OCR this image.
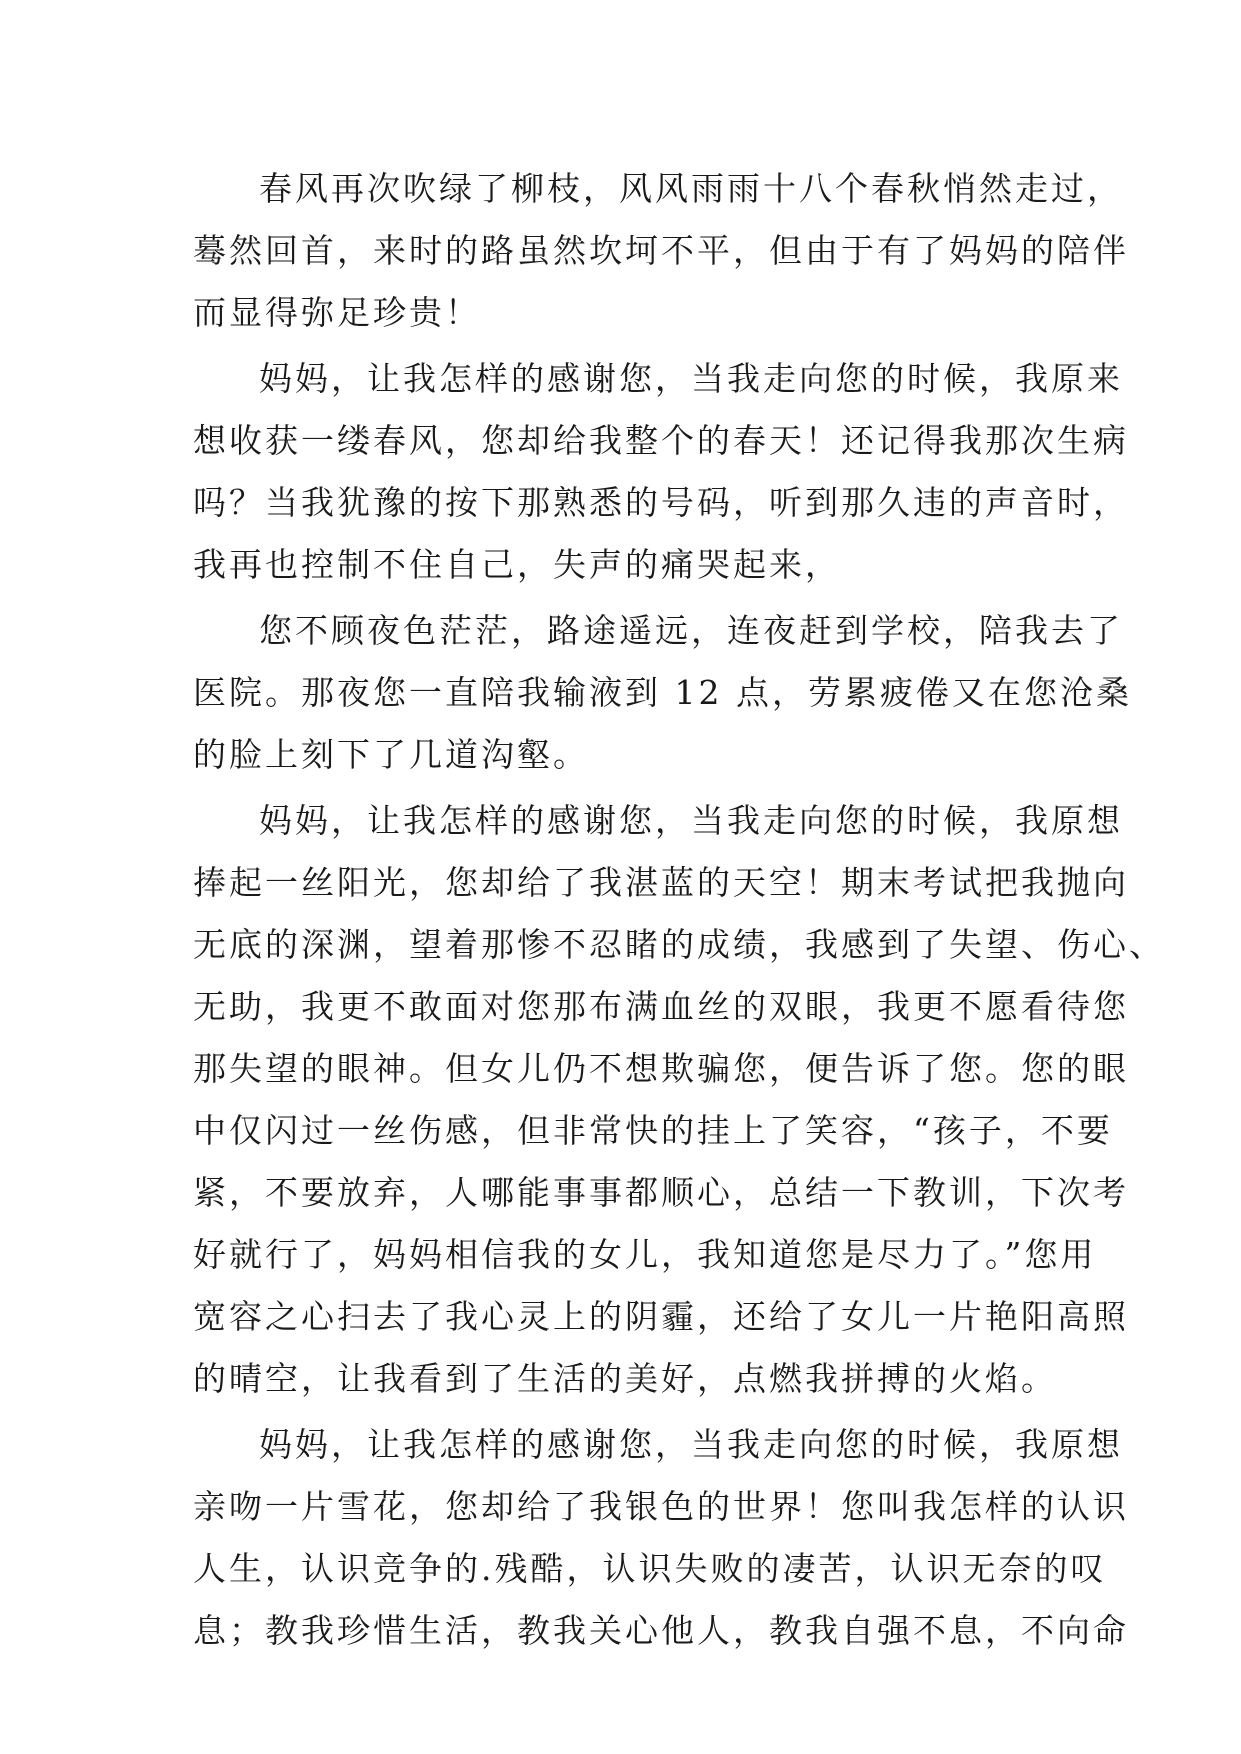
春风再次吹绿了柳枝，风风雨雨十八个春秋悄然走过，
蓦然回首，来时的路虽然坎坷不平，但由于有了妈妈的陪伴
而显得弥足珍贵！
妈妈，让我怎样的感谢您，当我走向您的时候，我原来
想收获一缕春风，您却给我整个的春天！还记得我那次生病
吗？当我犹豫的按下那熟悉的号码，听到那久违的声音时，
我再也控制不住自己，失声的痛哭起来，
您不顾夜色茫茫，路途遥远，连夜赶到学校，陪我去了
医院。那夜您一直陪我输液到 12 点，劳累疲倦又在您沧桑
的脸上刻下了几道沟壑。
妈妈，让我怎样的感谢您，当我走向您的时候，我原想
捧起一丝阳光，您却给了我湛蓝的天空！期末考试把我抛向
无底的深渊，望着那惨不忍睹的成绩，我感到了失望、伤心、
无助，我更不敢面对您那布满血丝的双眼，我更不愿看待您
那失望的眼神。但女儿仍不想欺骗您，便告诉了您。您的眼
中仅闪过一丝伤感，但非常快的挂上了笑容，“孩子，不要
紧，不要放弃，人哪能事事都顺心，总结一下教训，下次考
好就行了，妈妈相信我的女儿，我知道您是尽力了。”您用
宽容之心扫去了我心灵上的阴霾，还给了女儿一片艳阳高照
的晴空，让我看到了生活的美好，点燃我拼搏的火焰。
妈妈，让我怎样的感谢您，当我走向您的时候，我原想
亲吻一片雪花，您却给了我银色的世界！您叫我怎样的认识
人生，认识竞争的.残酷，认识失败的凄苦，认识无奈的叹
息；教我珍惜生活，教我关心他人，教我自强不息，不向命
